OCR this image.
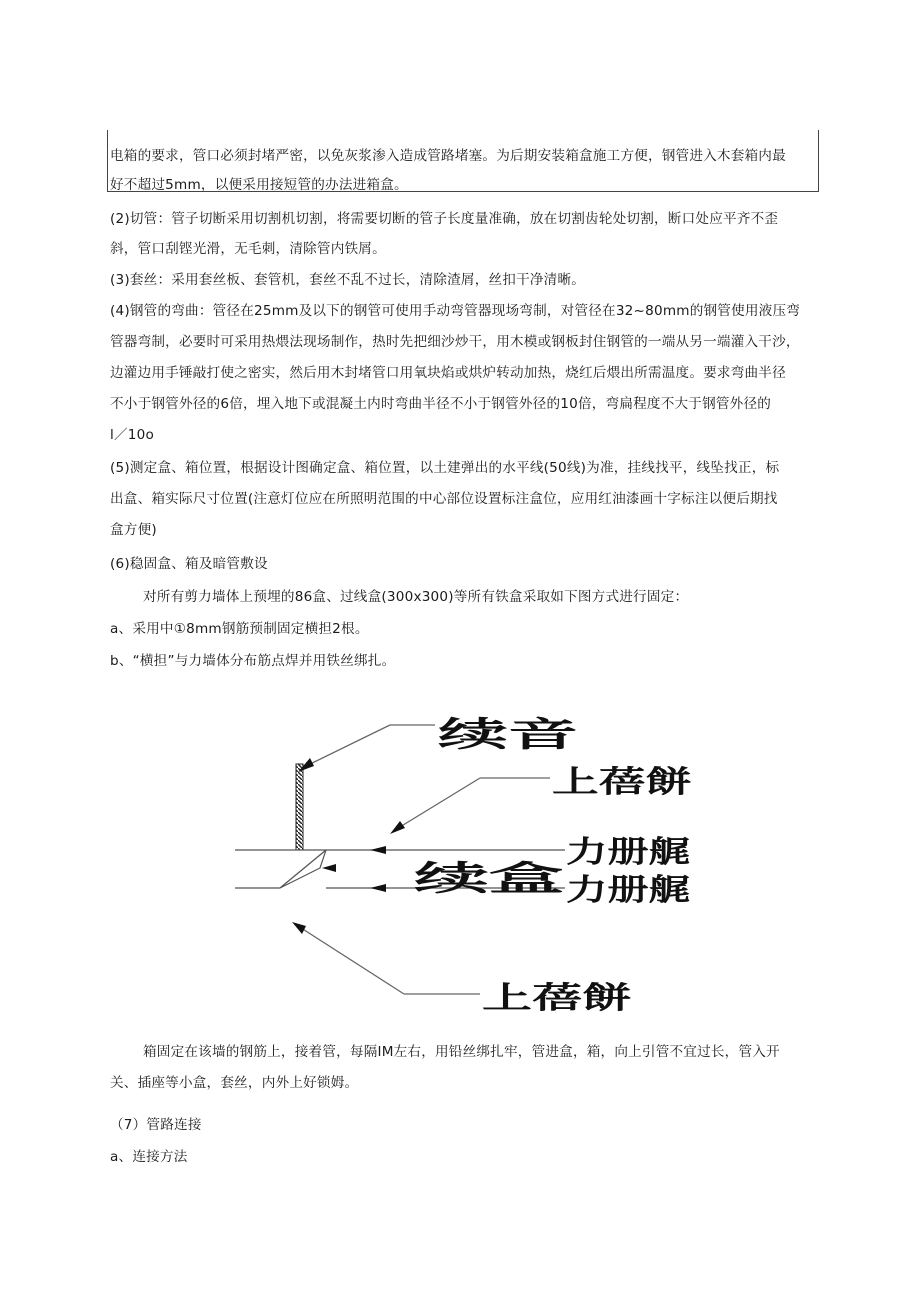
电箱的要求，管口必须封堵严密，以免灰浆渗入造成管路堵塞。为后期安装箱盒施工方便，钢管进入木套箱内最
好不超过5mm，以便采用接短管的办法进箱盒。
(2)切管：管子切断采用切割机切割，将需要切断的管子长度量准确，放在切割齿轮处切割，断口处应平齐不歪
斜，管口刮铿光滑，无毛刺，清除管内铁屑。
(3)套丝：采用套丝板、套管机，套丝不乱不过长，清除渣屑，丝扣干净清晰。
(4)钢管的弯曲：管径在25mm及以下的钢管可使用手动弯管器现场弯制，对管径在32~80mm的钢管使用液压弯
管器弯制，必要时可采用热煨法现场制作，热时先把细沙炒干，用木模或钢板封住钢管的一端从另一端灌入干沙，
边灌边用手锤敲打使之密实，然后用木封堵管口用氧块焰或烘炉转动加热，烧红后煨出所需温度。要求弯曲半径
不小于钢管外径的6倍，埋入地下或混凝土内时弯曲半径不小于钢管外径的10倍，弯扁程度不大于钢管外径的
l／10o
(5)测定盒、箱位置，根据设计图确定盒、箱位置，以土建弹出的水平线(50线)为准，挂线找平，线坠找正，标
出盒、箱实际尺寸位置(注意灯位应在所照明范围的中心部位设置标注盒位，应用红油漆画十字标注以便后期找
盒方便)
(6)稳固盒、箱及暗管敷设
对所有剪力墙体上预埋的86盒、过线盒(300x300)等所有铁盒采取如下图方式进行固定：
a、采用中①8mm钢筋预制固定横担2根。
b、“横担”与力墙体分布筋点焊并用铁丝绑扎。
续音
上蓓餅
续盒
力册艉
力册艉
上蓓餅
箱固定在该墙的钢筋上，接着管，每隔IM左右，用铅丝绑扎牢，管进盒，箱，向上引管不宜过长，管入开
关、插座等小盒，套丝，内外上好锁姆。
（7）管路连接
a、连接方法
